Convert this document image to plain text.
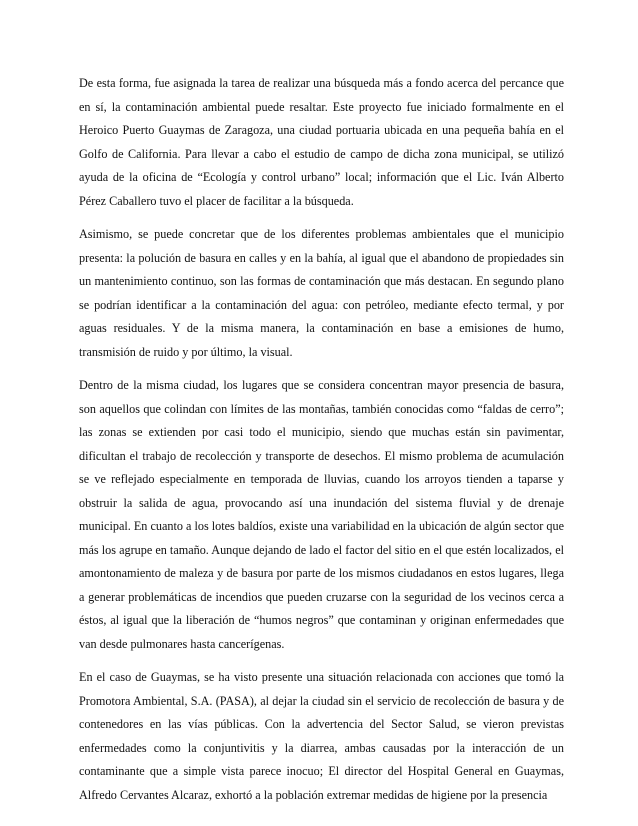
De esta forma, fue asignada la tarea de realizar una búsqueda más a fondo acerca del percance que en sí, la contaminación ambiental puede resaltar. Este proyecto fue iniciado formalmente en el Heroico Puerto Guaymas de Zaragoza, una ciudad portuaria ubicada en una pequeña bahía en el Golfo de California. Para llevar a cabo el estudio de campo de dicha zona municipal, se utilizó ayuda de la oficina de “Ecología y control urbano” local; información que el Lic. Iván Alberto Pérez Caballero tuvo el placer de facilitar a la búsqueda.

Asimismo, se puede concretar que de los diferentes problemas ambientales que el municipio presenta: la polución de basura en calles y en la bahía, al igual que el abandono de propiedades sin un mantenimiento continuo, son las formas de contaminación que más destacan. En segundo plano se podrían identificar a la contaminación del agua: con petróleo, mediante efecto termal, y por aguas residuales. Y de la misma manera, la contaminación en base a emisiones de humo, transmisión de ruido y por último, la visual.

Dentro de la misma ciudad, los lugares que se considera concentran mayor presencia de basura, son aquellos que colindan con límites de las montañas, también conocidas como “faldas de cerro”; las zonas se extienden por casi todo el municipio, siendo que muchas están sin pavimentar, dificultan el trabajo de recolección y transporte de desechos. El mismo problema de acumulación se ve reflejado especialmente en temporada de lluvias, cuando los arroyos tienden a taparse y obstruir la salida de agua, provocando así una inundación del sistema fluvial y de drenaje municipal. En cuanto a los lotes baldíos, existe una variabilidad en la ubicación de algún sector que más los agrupe en tamaño. Aunque dejando de lado el factor del sitio en el que estén localizados, el amontonamiento de maleza y de basura por parte de los mismos ciudadanos en estos lugares, llega a generar problemáticas de incendios que pueden cruzarse con la seguridad de los vecinos cerca a éstos, al igual que la liberación de “humos negros” que contaminan y originan enfermedades que van desde pulmonares hasta cancerígenas.

En el caso de Guaymas, se ha visto presente una situación relacionada con acciones que tomó la Promotora Ambiental, S.A. (PASA), al dejar la ciudad sin el servicio de recolección de basura y de contenedores en las vías públicas. Con la advertencia del Sector Salud, se vieron previstas enfermedades como la conjuntivitis y la diarrea, ambas causadas por la interacción de un contaminante que a simple vista parece inocuo; El director del Hospital General en Guaymas, Alfredo Cervantes Alcaraz, exhortó a la población extremar medidas de higiene por la presencia
